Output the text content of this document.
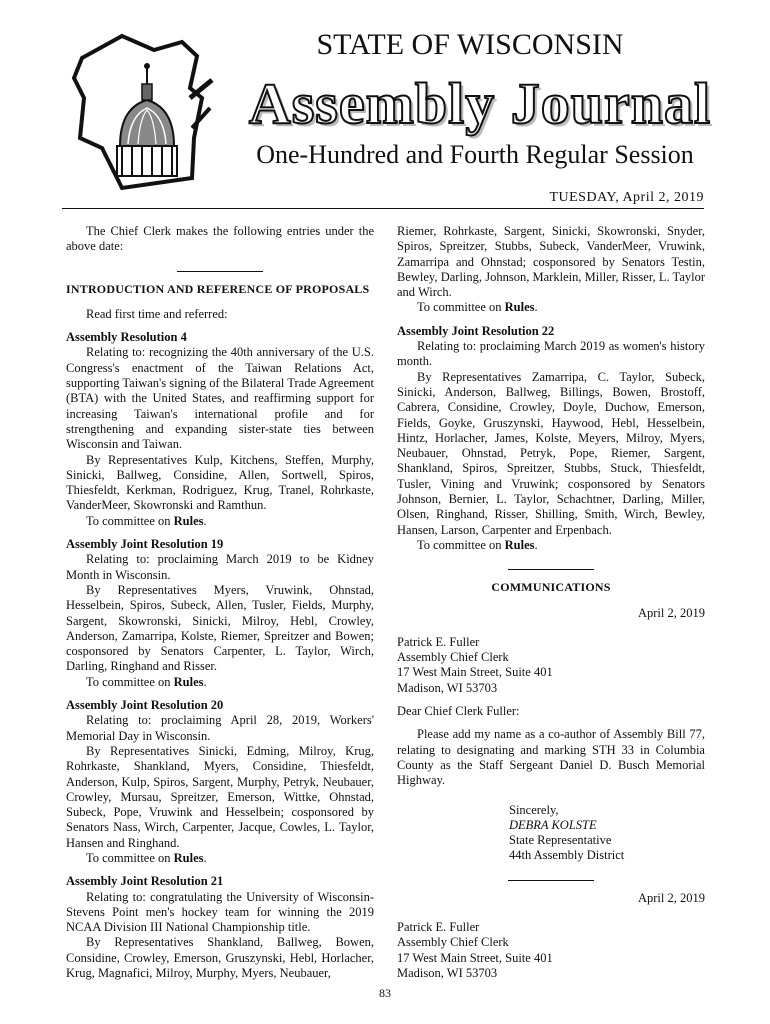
STATE OF WISCONSIN
Assembly Journal
One-Hundred and Fourth Regular Session
TUESDAY, April 2, 2019

The Chief Clerk makes the following entries under the above date:

INTRODUCTION AND REFERENCE OF PROPOSALS

Read first time and referred:

Assembly Resolution 4

Relating to: recognizing the 40th anniversary of the U.S. Congress's enactment of the Taiwan Relations Act, supporting Taiwan's signing of the Bilateral Trade Agreement (BTA) with the United States, and reaffirming support for increasing Taiwan's international profile and for strengthening and expanding sister-state ties between Wisconsin and Taiwan.

By Representatives Kulp, Kitchens, Steffen, Murphy, Sinicki, Ballweg, Considine, Allen, Sortwell, Spiros, Thiesfeldt, Kerkman, Rodriguez, Krug, Tranel, Rohrkaste, VanderMeer, Skowronski and Ramthun.

To committee on Rules.

Assembly Joint Resolution 19

Relating to: proclaiming March 2019 to be Kidney Month in Wisconsin.

By Representatives Myers, Vruwink, Ohnstad, Hesselbein, Spiros, Subeck, Allen, Tusler, Fields, Murphy, Sargent, Skowronski, Sinicki, Milroy, Hebl, Crowley, Anderson, Zamarripa, Kolste, Riemer, Spreitzer and Bowen; cosponsored by Senators Carpenter, L. Taylor, Wirch, Darling, Ringhand and Risser.

To committee on Rules.

Assembly Joint Resolution 20

Relating to: proclaiming April 28, 2019, Workers' Memorial Day in Wisconsin.

By Representatives Sinicki, Edming, Milroy, Krug, Rohrkaste, Shankland, Myers, Considine, Thiesfeldt, Anderson, Kulp, Spiros, Sargent, Murphy, Petryk, Neubauer, Crowley, Mursau, Spreitzer, Emerson, Wittke, Ohnstad, Subeck, Pope, Vruwink and Hesselbein; cosponsored by Senators Nass, Wirch, Carpenter, Jacque, Cowles, L. Taylor, Hansen and Ringhand.

To committee on Rules.

Assembly Joint Resolution 21

Relating to: congratulating the University of Wisconsin-Stevens Point men's hockey team for winning the 2019 NCAA Division III National Championship title.

By Representatives Shankland, Ballweg, Bowen, Considine, Crowley, Emerson, Gruszynski, Hebl, Horlacher, Krug, Magnafici, Milroy, Murphy, Myers, Neubauer,

Riemer, Rohrkaste, Sargent, Sinicki, Skowronski, Snyder, Spiros, Spreitzer, Stubbs, Subeck, VanderMeer, Vruwink, Zamarripa and Ohnstad; cosponsored by Senators Testin, Bewley, Darling, Johnson, Marklein, Miller, Risser, L. Taylor and Wirch.

To committee on Rules.

Assembly Joint Resolution 22

Relating to: proclaiming March 2019 as women's history month.

By Representatives Zamarripa, C. Taylor, Subeck, Sinicki, Anderson, Ballweg, Billings, Bowen, Brostoff, Cabrera, Considine, Crowley, Doyle, Duchow, Emerson, Fields, Goyke, Gruszynski, Haywood, Hebl, Hesselbein, Hintz, Horlacher, James, Kolste, Meyers, Milroy, Myers, Neubauer, Ohnstad, Petryk, Pope, Riemer, Sargent, Shankland, Spiros, Spreitzer, Stubbs, Stuck, Thiesfeldt, Tusler, Vining and Vruwink; cosponsored by Senators Johnson, Bernier, L. Taylor, Schachtner, Darling, Miller, Olsen, Ringhand, Risser, Shilling, Smith, Wirch, Bewley, Hansen, Larson, Carpenter and Erpenbach.

To committee on Rules.

COMMUNICATIONS

April 2, 2019

Patrick E. Fuller

Assembly Chief Clerk

17 West Main Street, Suite 401

Madison, WI 53703

Dear Chief Clerk Fuller:

Please add my name as a co-author of Assembly Bill 77, relating to designating and marking STH 33 in Columbia County as the Staff Sergeant Daniel D. Busch Memorial Highway.

Sincerely,

DEBRA KOLSTE

State Representative

44th Assembly District

April 2, 2019

Patrick E. Fuller

Assembly Chief Clerk

17 West Main Street, Suite 401

Madison, WI 53703

83
